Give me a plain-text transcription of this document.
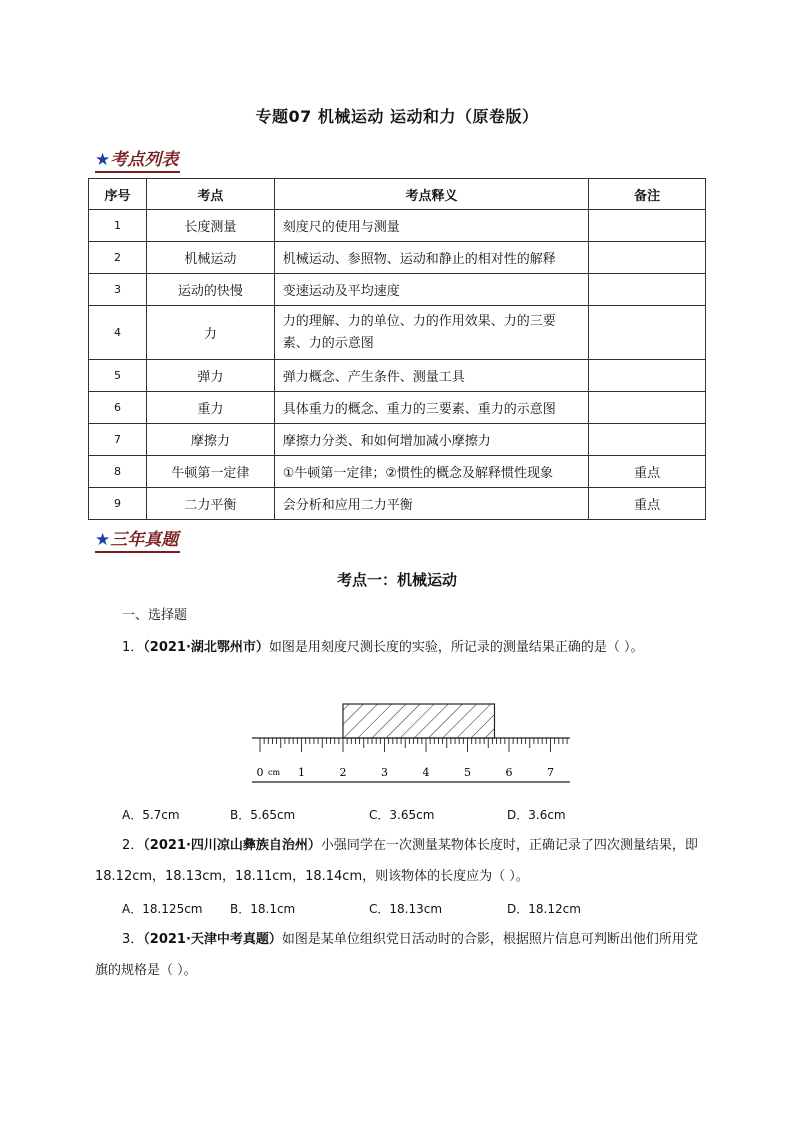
专题07 机械运动 运动和力（原卷版）
★考点列表
序号	考点	考点释义	备注
1	长度测量	刻度尺的使用与测量	
2	机械运动	机械运动、参照物、运动和静止的相对性的解释	
3	运动的快慢	变速运动及平均速度	
4	力	力的理解、力的单位、力的作用效果、力的三要素、力的示意图	
5	弹力	弹力概念、产生条件、测量工具	
6	重力	具体重力的概念、重力的三要素、重力的示意图	
7	摩擦力	摩擦力分类、和如何增加减小摩擦力	
8	牛顿第一定律	①牛顿第一定律；②惯性的概念及解释惯性现象	重点
9	二力平衡	会分析和应用二力平衡	重点
★三年真题
考点一：机械运动
一、选择题
1．（2021·湖北鄂州市）如图是用刻度尺测长度的实验，所记录的测量结果正确的是（ ）。
0	1	2	3	4	5	6	7
cm
A．5.7cm	B．5.65cm	C．3.65cm	D．3.6cm
2．（2021·四川凉山彝族自治州）小强同学在一次测量某物体长度时，正确记录了四次测量结果，即18.12cm，18.13cm，18.11cm，18.14cm，则该物体的长度应为（ ）。
A．18.125cm B．18.1cm	C．18.13cm	D．18.12cm
3．（2021·天津中考真题）如图是某单位组织党日活动时的合影，根据照片信息可判断出他们所用党旗的规格是（ ）。
